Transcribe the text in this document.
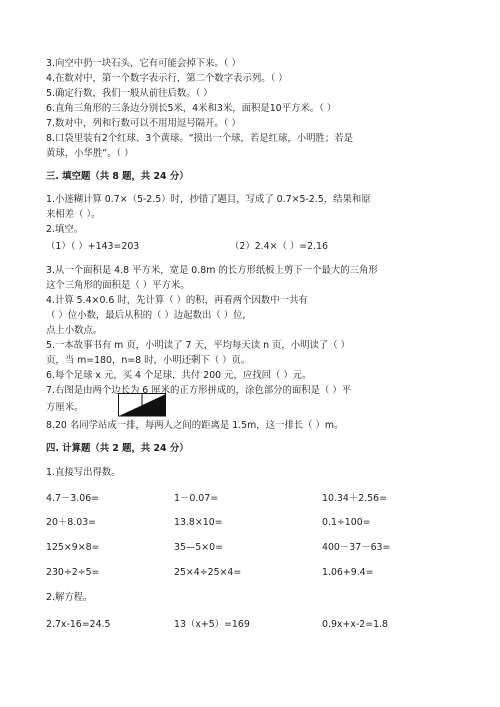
3.向空中扔一块石头，它有可能会掉下来。（ ）
4.在数对中，第一个数字表示行，第二个数字表示列。（ ）
5.确定行数，我们一般从前往后数。（ ）
6.直角三角形的三条边分别长5米，4米和3米，面积是10平方米。（ ）
7.数对中，列和行数可以不用用逗号隔开。（ ）
8.口袋里装有2个红球、3个黄球。“摸出一个球，若是红球，小明胜；若是
黄球，小华胜”。（ ）
三. 填空题（共 8 题，共 24 分）
1.小迷糊计算 0.7×（5-2.5）时，抄错了题目，写成了 0.7×5-2.5，结果和原
来相差（ ）。
2.填空。
（1）（ ）+143=203	（2）2.4×（ ）=2.16
3.从一个面积是 4.8 平方米，宽是 0.8m 的长方形纸板上剪下一个最大的三角形
这个三角形的面积是（ ）平方米。
4.计算 5.4×0.6 时，先计算（ ）的积，再看两个因数中一共有
（ ）位小数，最后从积的（ ）边起数出（ ）位,
点上小数点。
5.一本故事书有 m 页，小明读了 7 天，平均每天读 n 页，小明读了（ ）
页，当 m=180，n=8 时，小明还剩下（ ）页。
6.每个足球 x 元，买 4 个足球，共付 200 元，应找回（ ）元。
7.右图是由两个边长为 6 厘米的正方形拼成的，涂色部分的面积是（ ）平
方厘米。
8.20 名同学站成一排，每两人之间的距离是 1.5m，这一排长（ ）m。
四. 计算题（共 2 题，共 24 分）
1.直接写出得数。
4.7－3.06=	1－0.07=	10.34＋2.56=
20＋8.03=	13.8×10=	0.1÷100=
125×9×8=	35—5×0=	400－37－63=
230÷2÷5=	25×4÷25×4=	1.06+9.4=
2.解方程。
2.7x-16=24.5	13（x+5）=169	0.9x+x-2=1.8
